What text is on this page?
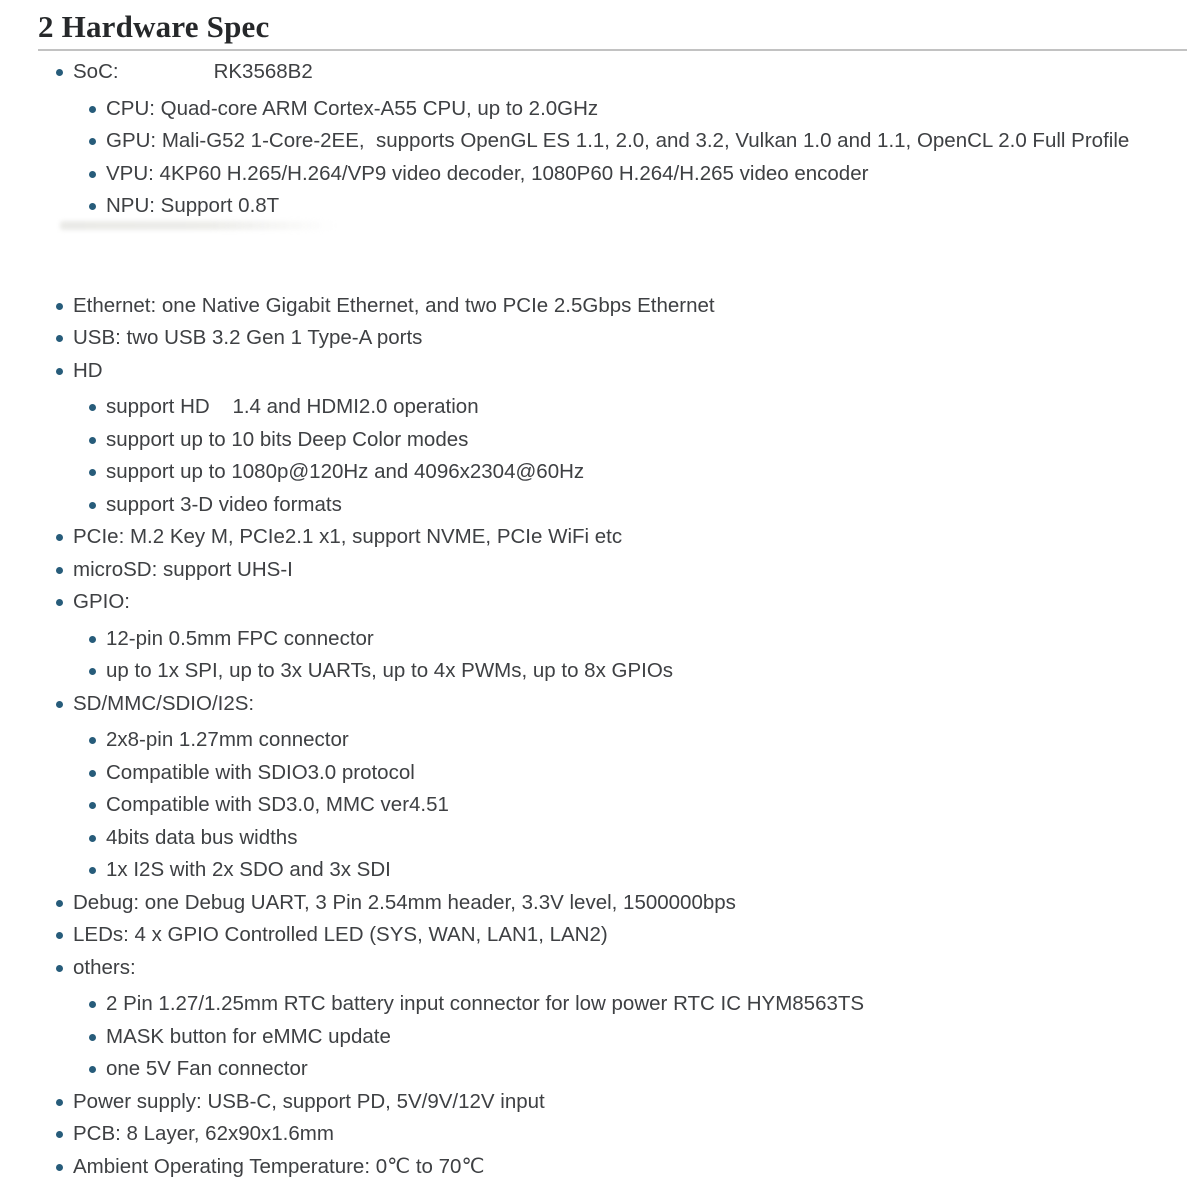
2 Hardware Spec
SoC:	RK3568B2
CPU: Quad-core ARM Cortex-A55 CPU, up to 2.0GHz
GPU: Mali-G52 1-Core-2EE,  supports OpenGL ES 1.1, 2.0, and 3.2, Vulkan 1.0 and 1.1, OpenCL 2.0 Full Profile
VPU: 4KP60 H.265/H.264/VP9 video decoder, 1080P60 H.264/H.265 video encoder
NPU: Support 0.8T
Ethernet: one Native Gigabit Ethernet, and two PCIe 2.5Gbps Ethernet
USB: two USB 3.2 Gen 1 Type-A ports
HD
support HD    1.4 and HDMI2.0 operation
support up to 10 bits Deep Color modes
support up to 1080p@120Hz and 4096x2304@60Hz
support 3-D video formats
PCIe: M.2 Key M, PCIe2.1 x1, support NVME, PCIe WiFi etc
microSD: support UHS-I
GPIO:
12-pin 0.5mm FPC connector
up to 1x SPI, up to 3x UARTs, up to 4x PWMs, up to 8x GPIOs
SD/MMC/SDIO/I2S:
2x8-pin 1.27mm connector
Compatible with SDIO3.0 protocol
Compatible with SD3.0, MMC ver4.51
4bits data bus widths
1x I2S with 2x SDO and 3x SDI
Debug: one Debug UART, 3 Pin 2.54mm header, 3.3V level, 1500000bps
LEDs: 4 x GPIO Controlled LED (SYS, WAN, LAN1, LAN2)
others:
2 Pin 1.27/1.25mm RTC battery input connector for low power RTC IC HYM8563TS
MASK button for eMMC update
one 5V Fan connector
Power supply: USB-C, support PD, 5V/9V/12V input
PCB: 8 Layer, 62x90x1.6mm
Ambient Operating Temperature: 0℃ to 70℃
